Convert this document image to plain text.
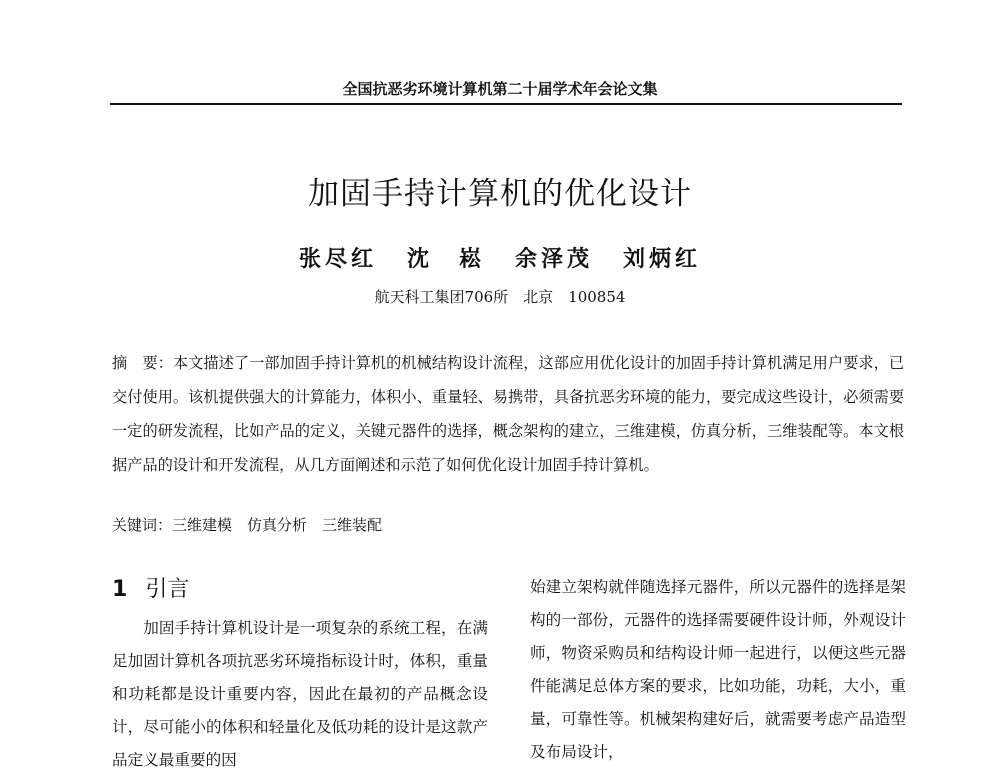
全国抗恶劣环境计算机第二十届学术年会论文集
加固手持计算机的优化设计
张尽红 沈　崧 余泽茂 刘炳红
航天科工集团706所　北京　100854

摘　要：本文描述了一部加固手持计算机的机械结构设计流程，这部应用优化设计的加固手持计算机满足用户要求，已交付使用。该机提供强大的计算能力，体积小、重量轻、易携带，具备抗恶劣环境的能力，要完成这些设计，必须需要一定的研发流程，比如产品的定义，关键元器件的选择，概念架构的建立，三维建模，仿真分析，三维装配等。本文根据产品的设计和开发流程，从几方面阐述和示范了如何优化设计加固手持计算机。

关键词：三维建模　仿真分析　三维装配
1 引言

加固手持计算机设计是一项复杂的系统工程，在满足加固计算机各项抗恶劣环境指标设计时，体积，重量和功耗都是设计重要内容，因此在最初的产品概念设计，尽可能小的体积和轻量化及低功耗的设计是这款产品定义最重要的因

始建立架构就伴随选择元器件，所以元器件的选择是架构的一部份，元器件的选择需要硬件设计师，外观设计师，物资采购员和结构设计师一起进行，以便这些元器件能满足总体方案的要求，比如功能，功耗，大小，重量，可靠性等。机械架构建好后，就需要考虑产品造型及布局设计，
